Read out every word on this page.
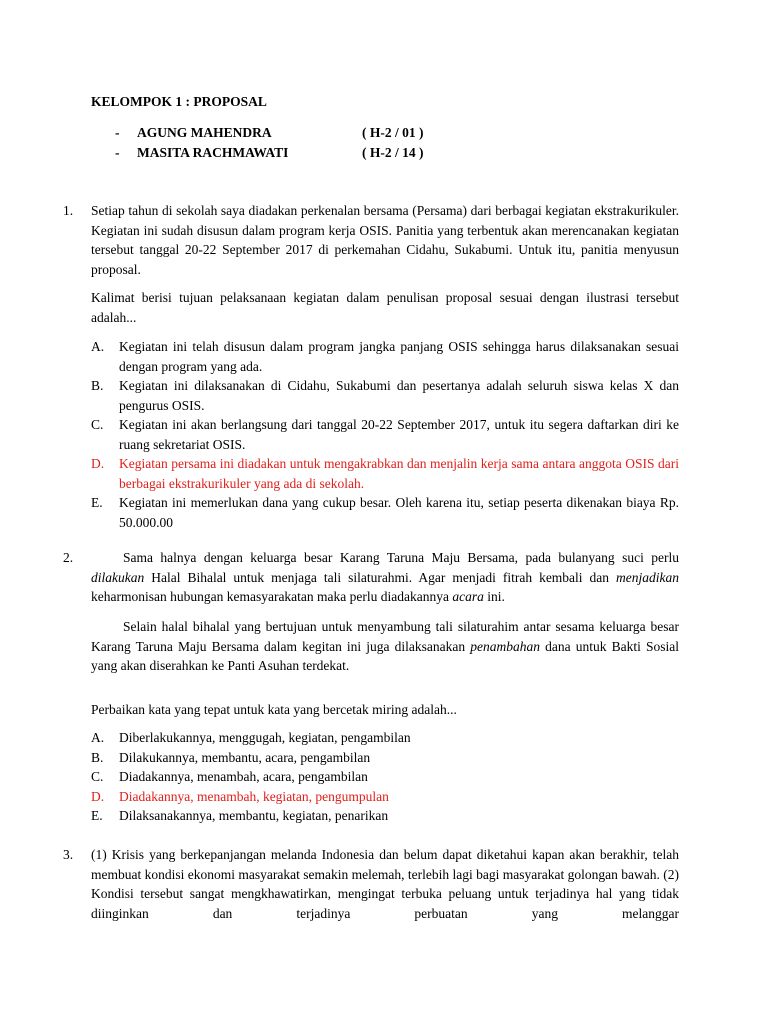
KELOMPOK 1 : PROPOSAL
- AGUNG MAHENDRA	( H-2 / 01 )
- MASITA RACHMAWATI	( H-2 / 14 )
1. Setiap tahun di sekolah saya diadakan perkenalan bersama (Persama) dari berbagai kegiatan ekstrakurikuler. Kegiatan ini sudah disusun dalam program kerja OSIS. Panitia yang terbentuk akan merencanakan kegiatan tersebut tanggal 20-22 September 2017 di perkemahan Cidahu, Sukabumi. Untuk itu, panitia menyusun proposal.
Kalimat berisi tujuan pelaksanaan kegiatan dalam penulisan proposal sesuai dengan ilustrasi tersebut adalah...
A. Kegiatan ini telah disusun dalam program jangka panjang OSIS sehingga harus dilaksanakan sesuai dengan program yang ada.
B. Kegiatan ini dilaksanakan di Cidahu, Sukabumi dan pesertanya adalah seluruh siswa kelas X dan pengurus OSIS.
C. Kegiatan ini akan berlangsung dari tanggal 20-22 September 2017, untuk itu segera daftarkan diri ke ruang sekretariat OSIS.
D. Kegiatan persama ini diadakan untuk mengakrabkan dan menjalin kerja sama antara anggota OSIS dari berbagai ekstrakurikuler yang ada di sekolah.
E. Kegiatan ini memerlukan dana yang cukup besar. Oleh karena itu, setiap peserta dikenakan biaya Rp. 50.000.00
2.	Sama halnya dengan keluarga besar Karang Taruna Maju Bersama, pada bulanyang suci perlu dilakukan Halal Bihalal untuk menjaga tali silaturahmi. Agar menjadi fitrah kembali dan menjadikan keharmonisan hubungan kemasyarakatan maka perlu diadakannya acara ini.
Selain halal bihalal yang bertujuan untuk menyambung tali silaturahim antar sesama keluarga besar Karang Taruna Maju Bersama dalam kegitan ini juga dilaksanakan penambahan dana untuk Bakti Sosial yang akan diserahkan ke Panti Asuhan terdekat.
Perbaikan kata yang tepat untuk kata yang bercetak miring adalah...
A. Diberlakukannya, menggugah, kegiatan, pengambilan
B. Dilakukannya, membantu, acara, pengambilan
C. Diadakannya, menambah, acara, pengambilan
D. Diadakannya, menambah, kegiatan, pengumpulan
E. Dilaksanakannya, membantu, kegiatan, penarikan
3. (1) Krisis yang berkepanjangan melanda Indonesia dan belum dapat diketahui kapan akan berakhir, telah membuat kondisi ekonomi masyarakat semakin melemah, terlebih lagi bagi masyarakat golongan bawah. (2) Kondisi tersebut sangat mengkhawatirkan, mengingat terbuka peluang untuk terjadinya hal yang tidak diinginkan dan terjadinya perbuatan yang melanggar
